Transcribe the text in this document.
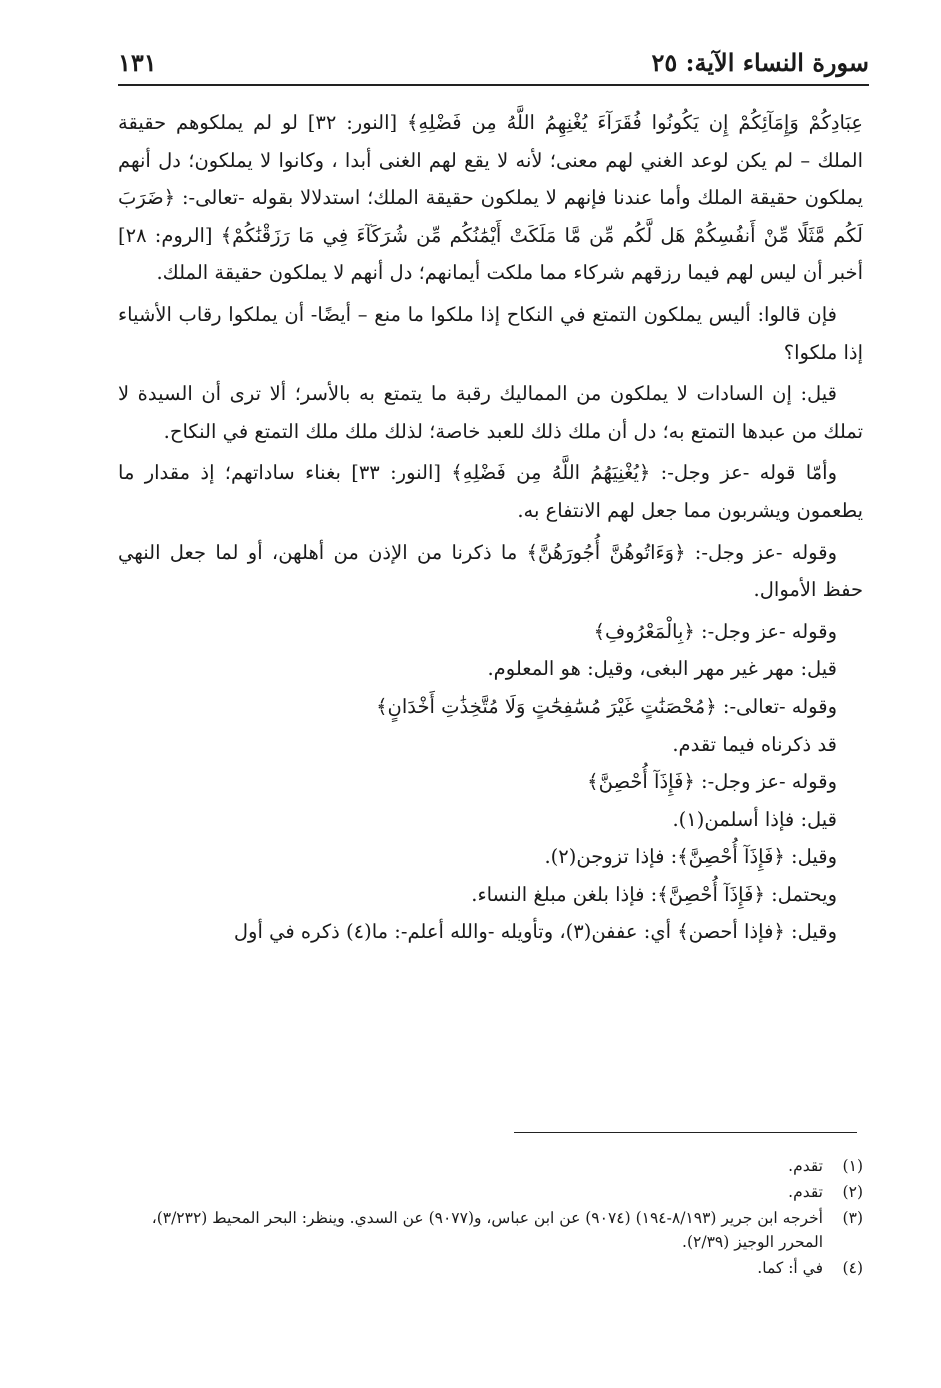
سورة النساء الآية: ٢٥
١٣١

عِبَادِكُمْ وَإِمَآئِكُمْ إِن يَكُونُوا فُقَرَآءَ يُغْنِهِمُ اللَّهُ مِن فَضْلِهِ﴾ [النور: ٣٢] لو لم يملكوهم حقيقة الملك – لم يكن لوعد الغني لهم معنى؛ لأنه لا يقع لهم الغنى أبدا ، وكانوا لا يملكون؛ دل أنهم يملكون حقيقة الملك وأما عندنا فإنهم لا يملكون حقيقة الملك؛ استدلالا بقوله -تعالى-: ﴿ضَرَبَ لَكُم مَّثَلًا مِّنْ أَنفُسِكُمْ هَل لَّكُم مِّن مَّا مَلَكَتْ أَيْمَٰنُكُم مِّن شُرَكَآءَ فِي مَا رَزَقْنَٰكُمْ﴾ [الروم: ٢٨] أخبر أن ليس لهم فيما رزقهم شركاء مما ملكت أيمانهم؛ دل أنهم لا يملكون حقيقة الملك.

فإن قالوا: أليس يملكون التمتع في النكاح إذا ملكوا ما منع – أيضًا- أن يملكوا رقاب الأشياء إذا ملكوا؟

قيل: إن السادات لا يملكون من المماليك رقبة ما يتمتع به بالأسر؛ ألا ترى أن السيدة لا تملك من عبدها التمتع به؛ دل أن ملك ذلك للعبد خاصة؛ لذلك ملك ملك التمتع في النكاح.

وأمّا قوله -عز وجل-: ﴿يُغْنِيَهُمُ اللَّهُ مِن فَضْلِهِ﴾ [النور: ٣٣] بغناء ساداتهم؛ إذ مقدار ما يطعمون ويشربون مما جعل لهم الانتفاع به.

وقوله -عز وجل-: ﴿وَءَاتُوهُنَّ أُجُورَهُنَّ﴾ ما ذكرنا من الإذن من أهلهن، أو لما جعل النهي حفظ الأموال.

وقوله -عز وجل-: ﴿بِالْمَعْرُوفِ﴾

قيل: مهر غير مهر البغى، وقيل: هو المعلوم.

وقوله -تعالى-: ﴿مُحْصَنَٰتٍ غَيْرَ مُسَٰفِحَٰتٍ وَلَا مُتَّخِذَٰتِ أَخْدَانٍ﴾

قد ذكرناه فيما تقدم.

وقوله -عز وجل-: ﴿فَإِذَآ أُحْصِنَّ﴾

قيل: فإذا أسلمن(١).

وقيل: ﴿فَإِذَآ أُحْصِنَّ﴾: فإذا تزوجن(٢).

ويحتمل: ﴿فَإِذَآ أُحْصِنَّ﴾: فإذا بلغن مبلغ النساء.

وقيل: ﴿فإذا أحصن﴾ أي: عففن(٣)، وتأويله -والله أعلم-: ما(٤) ذكره في أول

(١)
تقدم.

(٢)
تقدم.

(٣)
أخرجه ابن جرير (٨/١٩٣-١٩٤) (٩٠٧٤) عن ابن عباس، و(٩٠٧٧) عن السدي. وينظر: البحر المحيط (٣/٢٣٢)، المحرر الوجيز (٢/٣٩).

(٤)
في أ: كما.
